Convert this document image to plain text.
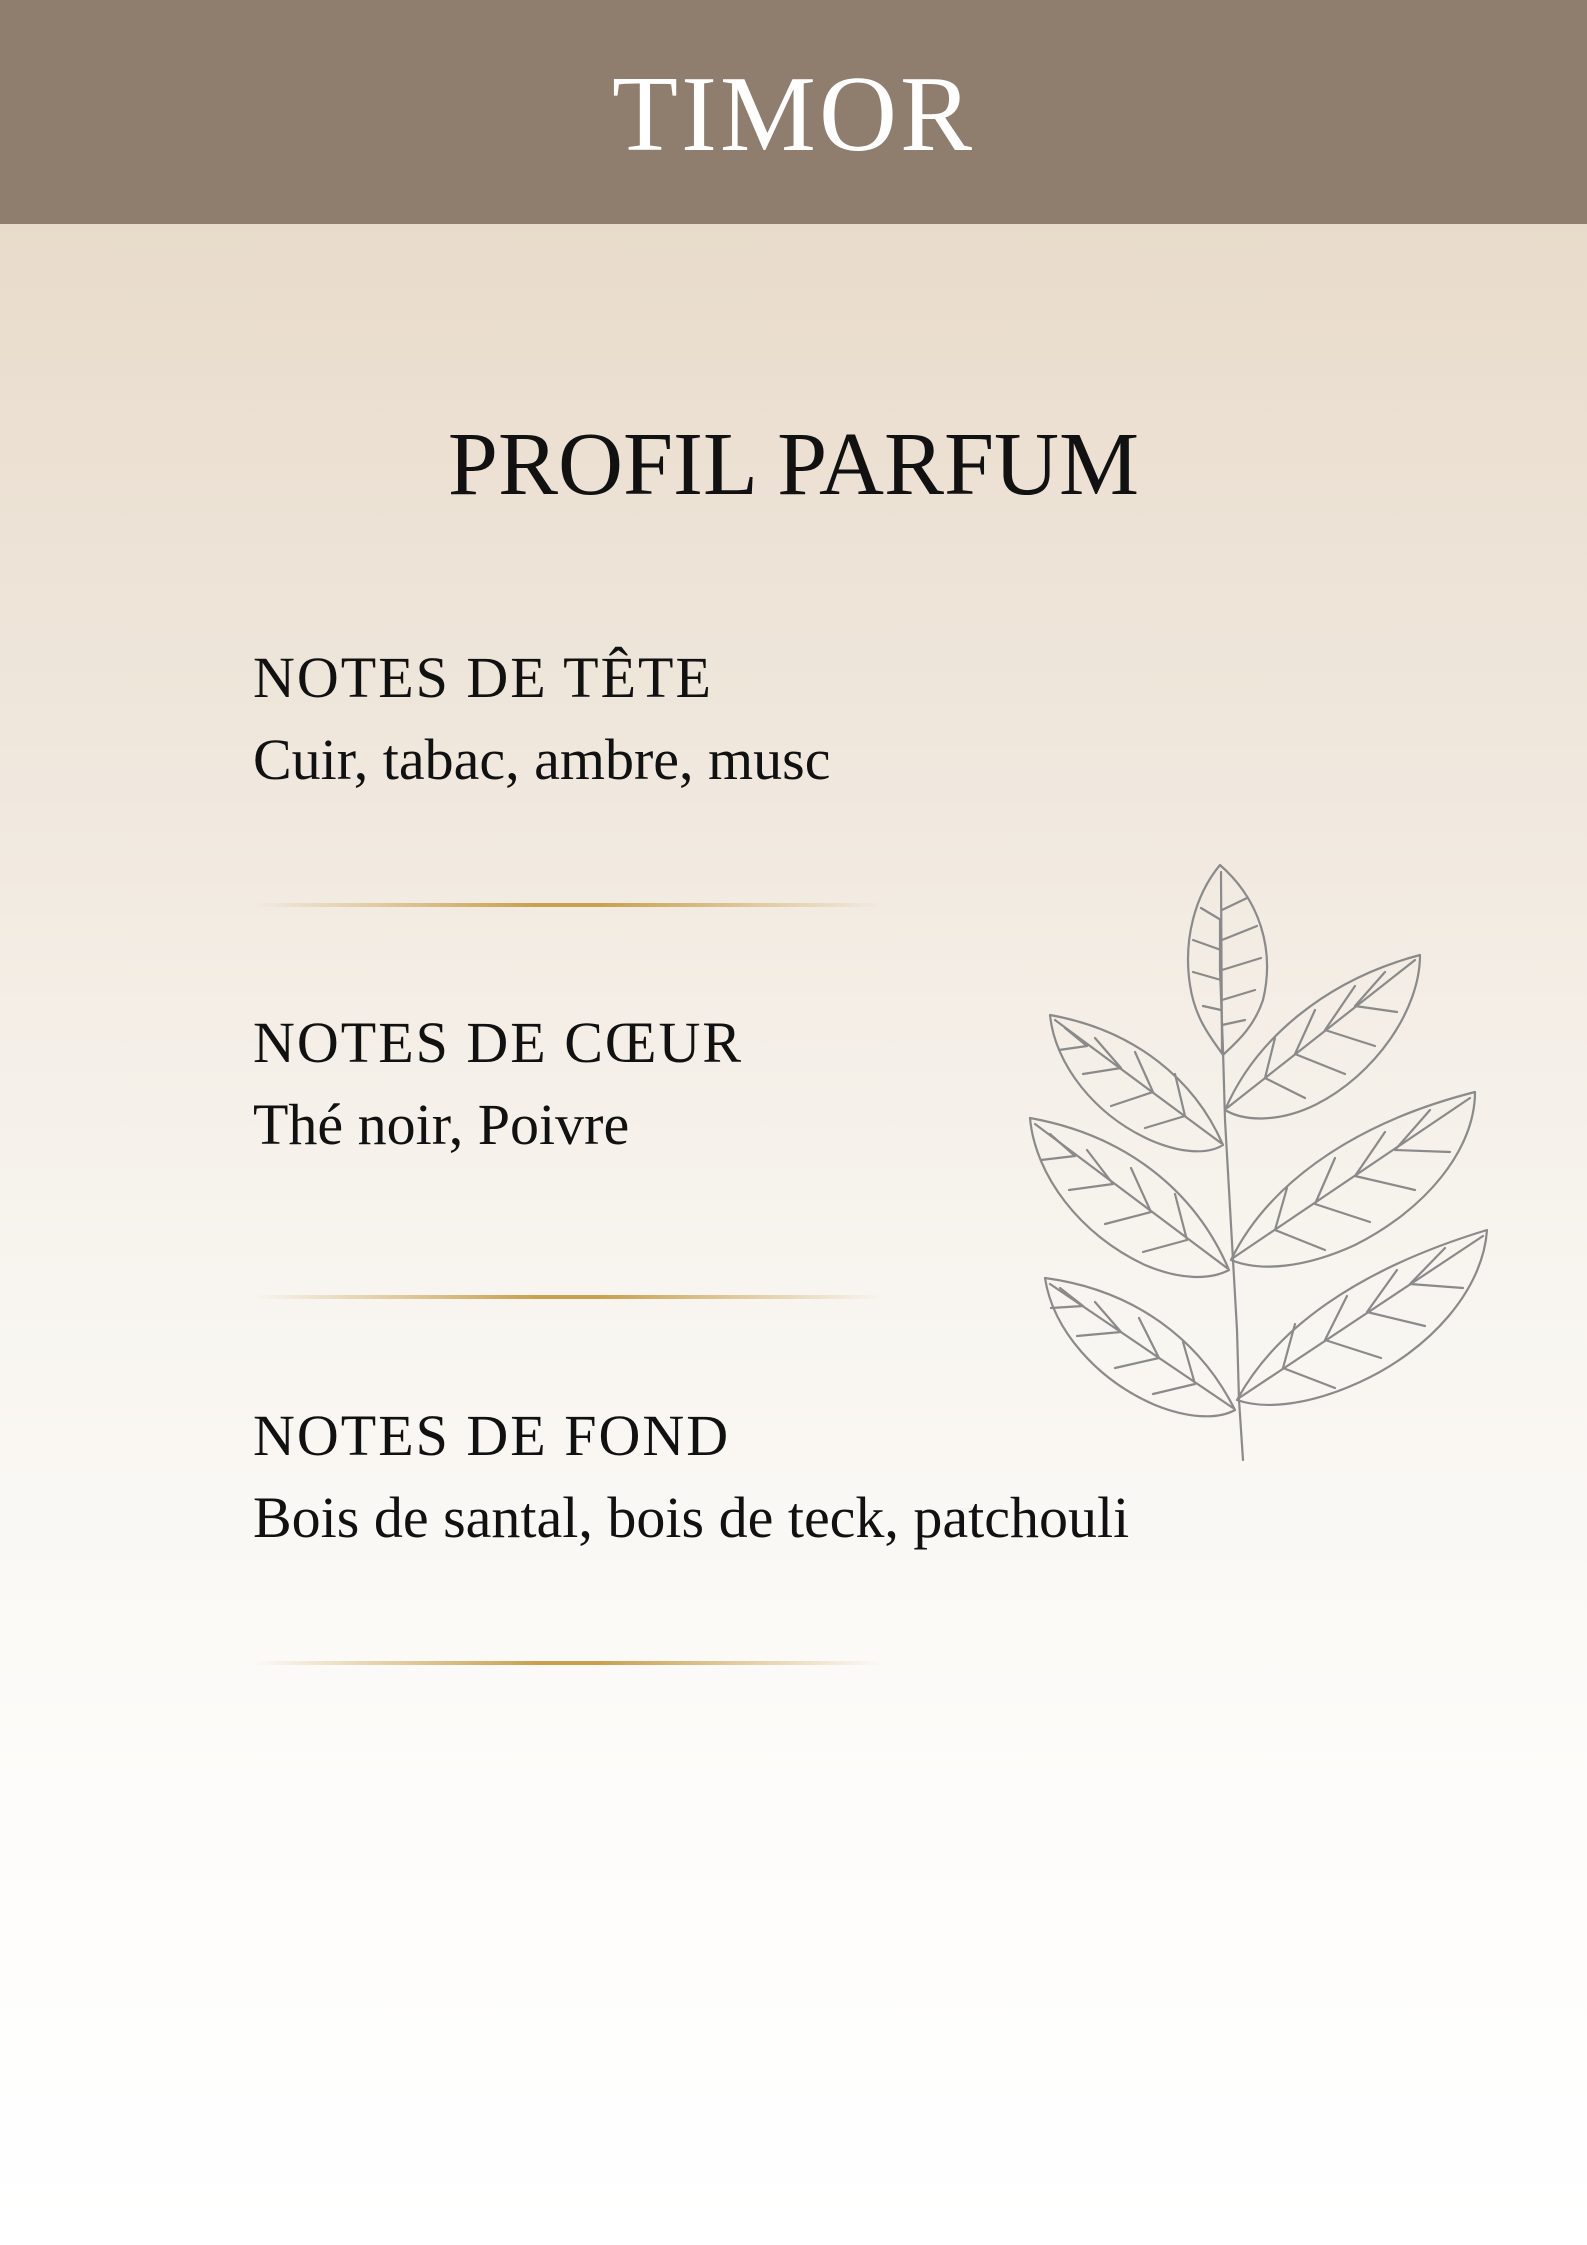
TIMOR
PROFIL PARFUM
NOTES DE TÊTE
Cuir, tabac, ambre, musc
NOTES DE CŒUR
Thé noir, Poivre
NOTES DE FOND
Bois de santal, bois de teck, patchouli
